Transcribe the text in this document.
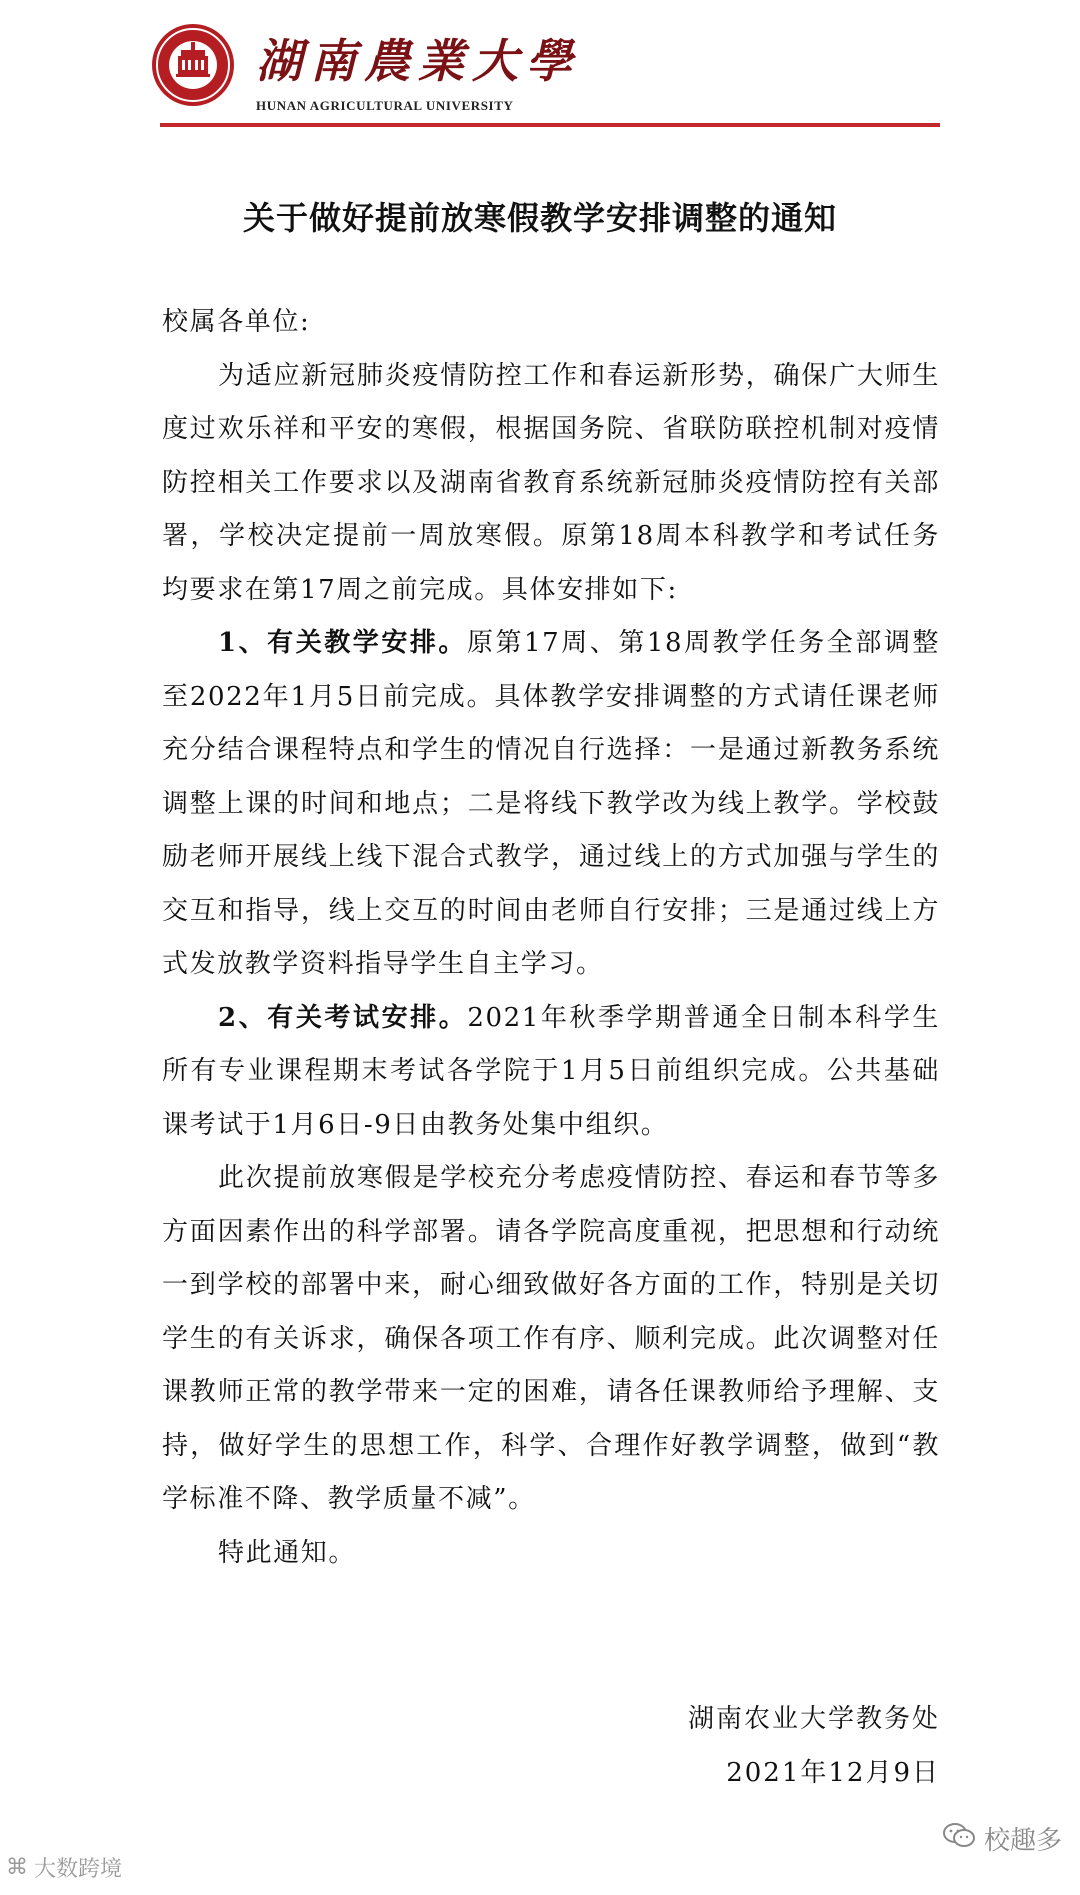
湖南農業大學
HUNAN AGRICULTURAL UNIVERSITY
关于做好提前放寒假教学安排调整的通知

校属各单位:

为适应新冠肺炎疫情防控工作和春运新形势，确保广大师生度过欢乐祥和平安的寒假，根据国务院、省联防联控机制对疫情防控相关工作要求以及湖南省教育系统新冠肺炎疫情防控有关部署，学校决定提前一周放寒假。原第18周本科教学和考试任务均要求在第17周之前完成。具体安排如下:

1、有关教学安排。原第17周、第18周教学任务全部调整至2022年1月5日前完成。具体教学安排调整的方式请任课老师充分结合课程特点和学生的情况自行选择：一是通过新教务系统调整上课的时间和地点；二是将线下教学改为线上教学。学校鼓励老师开展线上线下混合式教学，通过线上的方式加强与学生的交互和指导，线上交互的时间由老师自行安排；三是通过线上方式发放教学资料指导学生自主学习。

2、有关考试安排。2021年秋季学期普通全日制本科学生所有专业课程期末考试各学院于1月5日前组织完成。公共基础课考试于1月6日-9日由教务处集中组织。

此次提前放寒假是学校充分考虑疫情防控、春运和春节等多方面因素作出的科学部署。请各学院高度重视，把思想和行动统一到学校的部署中来，耐心细致做好各方面的工作，特别是关切学生的有关诉求，确保各项工作有序、顺利完成。此次调整对任课教师正常的教学带来一定的困难，请各任课教师给予理解、支持，做好学生的思想工作，科学、合理作好教学调整，做到“教学标准不降、教学质量不减”。

特此通知。

湖南农业大学教务处
2021年12月9日
⌘ 大数跨境
校趣多
